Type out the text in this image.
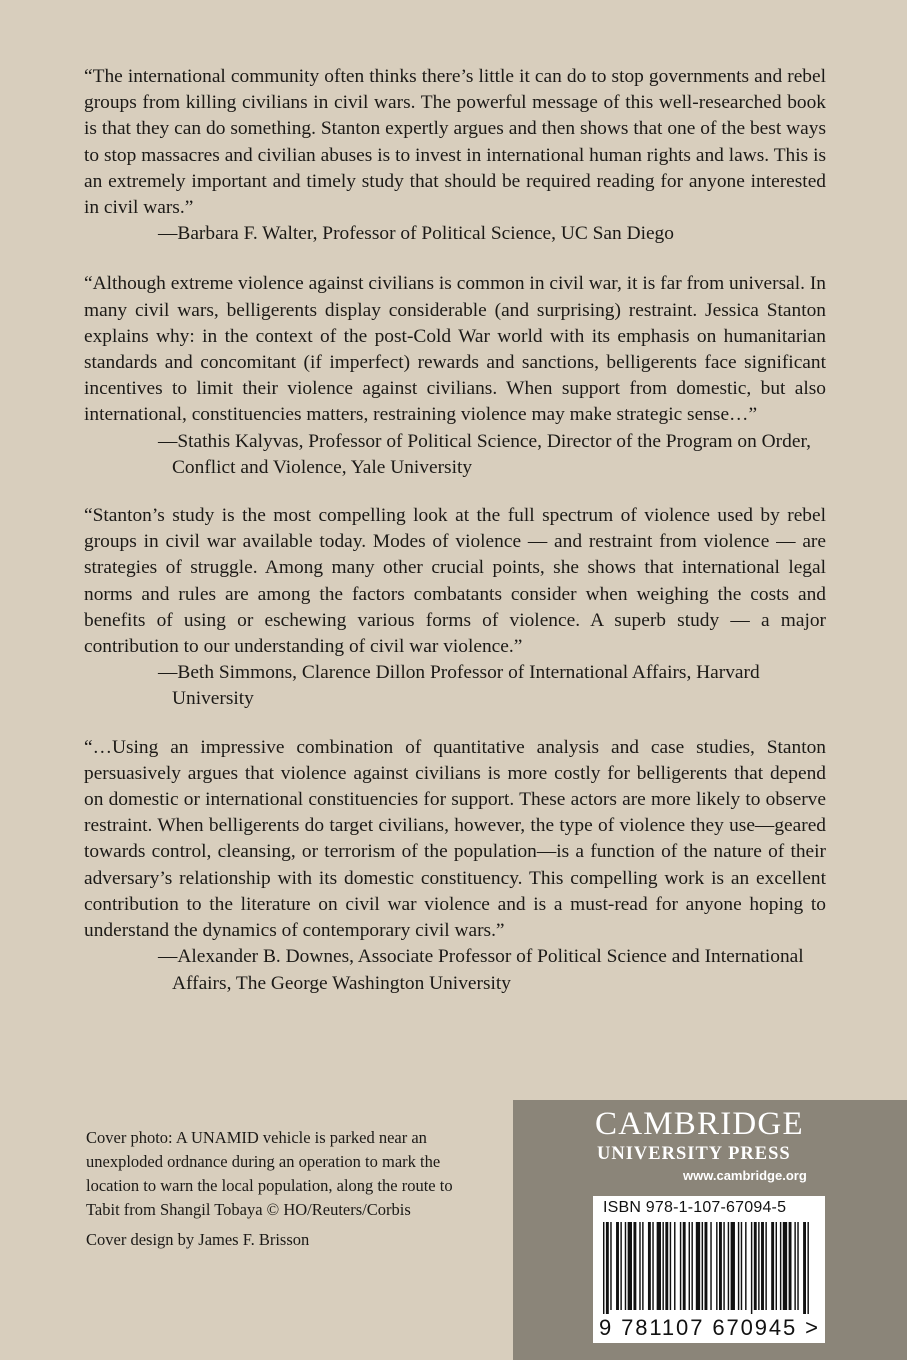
“The international community often thinks there’s little it can do to stop governments and rebel groups from killing civilians in civil wars. The powerful message of this well-researched book is that they can do something. Stanton expertly argues and then shows that one of the best ways to stop massacres and civilian abuses is to invest in international human rights and laws. This is an extremely important and timely study that should be required reading for anyone interested in civil wars.”

—Barbara F. Walter, Professor of Political Science, UC San Diego

“Although extreme violence against civilians is common in civil war, it is far from universal. In many civil wars, belligerents display considerable (and surprising) restraint. Jessica Stanton explains why: in the context of the post-Cold War world with its emphasis on humanitarian standards and concomitant (if imperfect) rewards and sanctions, belligerents face significant incentives to limit their violence against civilians. When support from domestic, but also international, constituencies matters, restraining violence may make strategic sense…”

—Stathis Kalyvas, Professor of Political Science, Director of the Program on Order, Conflict and Violence, Yale University

“Stanton’s study is the most compelling look at the full spectrum of violence used by rebel groups in civil war available today. Modes of violence — and restraint from violence — are strategies of struggle. Among many other crucial points, she shows that international legal norms and rules are among the factors combatants consider when weighing the costs and benefits of using or eschewing various forms of violence. A superb study — a major contribution to our understanding of civil war violence.”

—Beth Simmons, Clarence Dillon Professor of International Affairs, Harvard University

“…Using an impressive combination of quantitative analysis and case studies, Stanton persuasively argues that violence against civilians is more costly for belligerents that depend on domestic or international constituencies for support. These actors are more likely to observe restraint. When belligerents do target civilians, however, the type of violence they use—geared towards control, cleansing, or terrorism of the population—is a function of the nature of their adversary’s relationship with its domestic constituency. This compelling work is an excellent contribution to the literature on civil war violence and is a must-read for anyone hoping to understand the dynamics of contemporary civil wars.”

—Alexander B. Downes, Associate Professor of Political Science and International Affairs, The George Washington University

Cover photo: A UNAMID vehicle is parked near an unexploded ordnance during an operation to mark the location to warn the local population, along the route to Tabit from Shangil Tobaya © HO/Reuters/Corbis

Cover design by James F. Brisson

CAMBRIDGE
UNIVERSITY PRESS
www.cambridge.org
ISBN 978-1-107-67094-5
9 781107 670945 >
